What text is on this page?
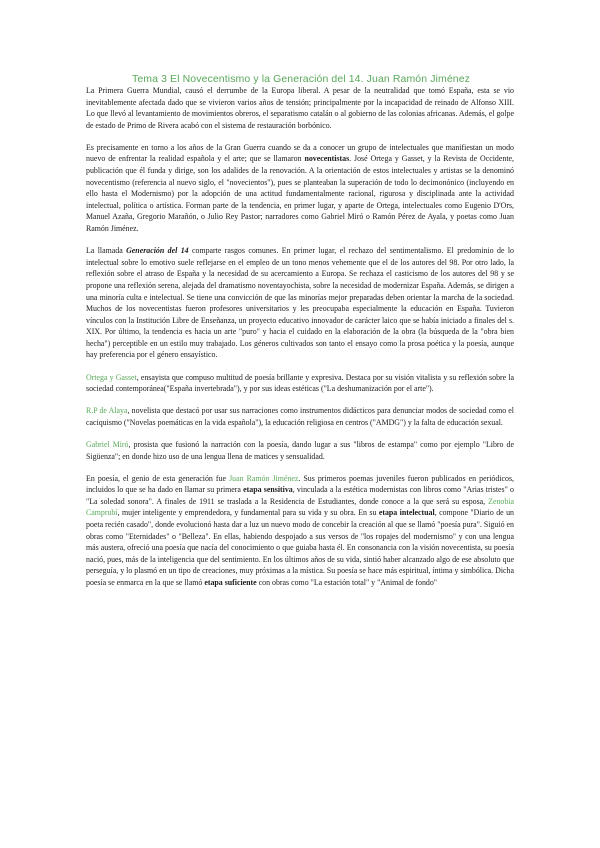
Tema 3 El Novecentismo y la Generación del 14. Juan Ramón Jiménez

La Primera Guerra Mundial, causó el derrumbe de la Europa liberal. A pesar de la neutralidad que tomó España, esta se vio inevitablemente afectada dado que se vivieron varios años de tensión; principalmente por la incapacidad de reinado de Alfonso XIII. Lo que llevó al levantamiento de movimientos obreros, el separatismo catalán o al gobierno de las colonias africanas. Además, el golpe de estado de Primo de Rivera acabó con el sistema de restauración borbónico.

Es precisamente en torno a los años de la Gran Guerra cuando se da a conocer un grupo de intelectuales que manifiestan un modo nuevo de enfrentar la realidad española y el arte; que se llamaron novecentistas. José Ortega y Gasset, y la Revista de Occidente, publicación que él funda y dirige, son los adalides de la renovación. A la orientación de estos intelectuales y artistas se la denominó novecentismo (referencia al nuevo siglo, el "novecientos"), pues se planteaban la superación de todo lo decimonónico (incluyendo en ello hasta el Modernismo) por la adopción de una actitud fundamentalmente racional, rigurosa y disciplinada ante la actividad intelectual, política o artística. Forman parte de la tendencia, en primer lugar, y aparte de Ortega, intelectuales como Eugenio D'Ors, Manuel Azaña, Gregorio Marañón, o Julio Rey Pastor; narradores como Gabriel Miró o Ramón Pérez de Ayala, y poetas como Juan Ramón Jiménez.

La llamada Generación del 14 comparte rasgos comunes. En primer lugar, el rechazo del sentimentalismo. El predominio de lo intelectual sobre lo emotivo suele reflejarse en el empleo de un tono menos vehemente que el de los autores del 98. Por otro lado, la reflexión sobre el atraso de España y la necesidad de su acercamiento a Europa. Se rechaza el casticismo de los autores del 98 y se propone una reflexión serena, alejada del dramatismo noventayochista, sobre la necesidad de modernizar España. Además, se dirigen a una minoría culta e intelectual. Se tiene una convicción de que las minorías mejor preparadas deben orientar la marcha de la sociedad. Muchos de los novecentistas fueron profesores universitarios y les preocupaba especialmente la educación en España. Tuvieron vínculos con la Institución Libre de Enseñanza, un proyecto educativo innovador de carácter laico que se había iniciado a finales del s. XIX. Por último, la tendencia es hacia un arte "puro" y hacia el cuidado en la elaboración de la obra (la búsqueda de la "obra bien hecha") perceptible en un estilo muy trabajado. Los géneros cultivados son tanto el ensayo como la prosa poética y la poesía, aunque hay preferencia por el género ensayístico.

Ortega y Gasset, ensayista que compuso multitud de poesía brillante y expresiva. Destaca por su visión vitalista y su reflexión sobre la sociedad contemporánea("España invertebrada"), y por sus ideas estéticas ("La deshumanización por el arte").

R.P de Alaya, novelista que destacó por usar sus narraciones como instrumentos didácticos para denunciar modos de sociedad como el caciquismo ("Novelas poemáticas en la vida española"), la educación religiosa en centros ("AMDG") y la falta de educación sexual.

Gabriel Miró, prosista que fusionó la narración con la poesía, dando lugar a sus "libros de estampa" como por ejemplo "Libro de Sigüenza"; en donde hizo uso de una lengua llena de matices y sensualidad.

En poesía, el genio de esta generación fue Juan Ramón Jiménez. Sus primeros poemas juveniles fueron publicados en periódicos, incluidos lo que se ha dado en llamar su primera etapa sensitiva, vinculada a la estética modernistas con libros como "Arias tristes" o "La soledad sonora". A finales de 1911 se traslada a la Residencia de Estudiantes, donde conoce a la que será su esposa, Zenobia Camprubí, mujer inteligente y emprendedora, y fundamental para su vida y su obra. En su etapa intelectual, compone "Diario de un poeta recién casado", donde evolucionó hasta dar a luz un nuevo modo de concebir la creación al que se llamó "poesía pura". Siguió en obras como "Eternidades" o "Belleza". En ellas, habiendo despojado a sus versos de "los ropajes del modernismo" y con una lengua más austera, ofreció una poesía que nacía del conocimiento o que guiaba hasta él. En consonancia con la visión novecentista, su poesía nació, pues, más de la inteligencia que del sentimiento. En los últimos años de su vida, sintió haber alcanzado algo de ese absoluto que perseguía, y lo plasmó en un tipo de creaciones, muy próximas a la mística. Su poesía se hace más espiritual, íntima y simbólica. Dicha poesía se enmarca en la que se llamó etapa suficiente con obras como "La estación total" y "Animal de fondo"
